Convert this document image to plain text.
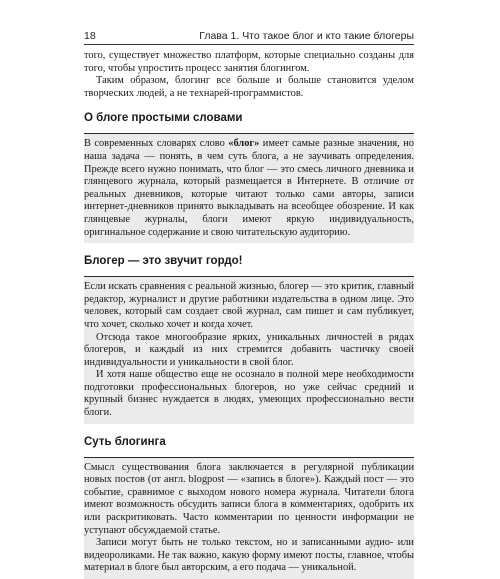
18	Глава 1. Что такое блог и кто такие блогеры

того, существует множество платформ, которые специально созданы для того, чтобы упростить процесс занятия блогингом.

Таким образом, блогинг все больше и больше становится уделом творческих людей, а не технарей-программистов.

О блоге простыми словами

В современных словарях слово «блог» имеет самые разные значения, но наша задача — понять, в чем суть блога, а не заучивать определения. Прежде всего нужно понимать, что блог — это смесь личного дневника и глянцевого журнала, который размещается в Интернете. В отличие от реальных дневников, которые читают только сами авторы, записи интернет-дневников принято выкладывать на всеобщее обозрение. И как глянцевые журналы, блоги имеют яркую индивидуальность, оригинальное содержание и свою читательскую аудиторию.

Блогер — это звучит гордо!

Если искать сравнения с реальной жизнью, блогер — это критик, главный редактор, журналист и другие работники издательства в одном лице. Это человек, который сам создает свой журнал, сам пишет и сам публикует, что хочет, сколько хочет и когда хочет.

Отсюда такое многообразие ярких, уникальных личностей в рядах блогеров, и каждый из них стремится добавить частичку своей индивидуальности и уникальности в свой блог.

И хотя наше общество еще не осознало в полной мере необходимости подготовки профессиональных блогеров, но уже сейчас средний и крупный бизнес нуждается в людях, умеющих профессионально вести блоги.

Суть блогинга

Смысл существования блога заключается в регулярной публикации новых постов (от англ. blogpost — «запись в блоге»). Каждый пост — это событие, сравнимое с выходом нового номера журнала. Читатели блога имеют возможность обсудить записи блога в комментариях, одобрить их или раскритиковать. Часто комментарии по ценности информации не уступают обсуждаемой статье.

Записи могут быть не только текстом, но и записанными аудио- или видеороликами. Не так важно, какую форму имеют посты, главное, чтобы материал в блоге был авторским, а его подача — уникальной.
